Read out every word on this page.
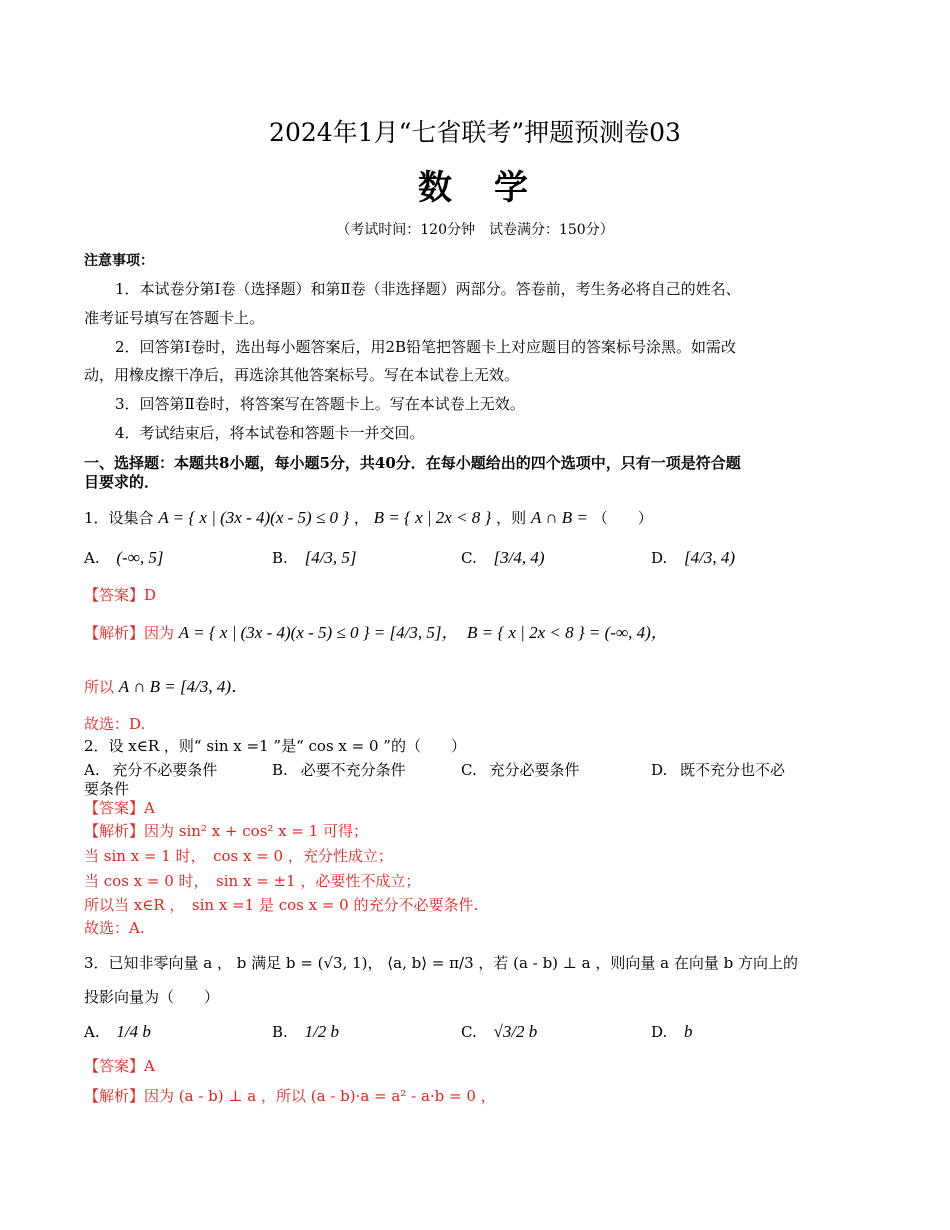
2024年1月“七省联考”押题预测卷03
数　学
（考试时间：120分钟　试卷满分：150分）
注意事项：
1．本试卷分第Ⅰ卷（选择题）和第Ⅱ卷（非选择题）两部分。答卷前，考生务必将自己的姓名、
准考证号填写在答题卡上。
2．回答第Ⅰ卷时，选出每小题答案后，用2B铅笔把答题卡上对应题目的答案标号涂黑。如需改
动，用橡皮擦干净后，再选涂其他答案标号。写在本试卷上无效。
3．回答第Ⅱ卷时，将答案写在答题卡上。写在本试卷上无效。
4．考试结束后，将本试卷和答题卡一并交回。
一、选择题：本题共8小题，每小题5分，共40分．在每小题给出的四个选项中，只有一项是符合题
目要求的．
1．设集合 A = { x | (3x - 4)(x - 5) ≤ 0 } ， B = { x | 2x < 8 } ，则 A ∩ B = （　　）
A. (-∞, 5]	B. [4/3, 5]	C. [3/4, 4)	D. [4/3, 4)
【答案】D
【解析】因为 A = { x | (3x - 4)(x - 5) ≤ 0 } = [4/3, 5]，　B = { x | 2x < 8 } = (-∞, 4)，
所以 A ∩ B = [4/3, 4)．
故选：D.
2．设 x∈R ，则“ sin x =1 ”是“ cos x = 0 ”的（　　）
A. 充分不必要条件	B. 必要不充分条件	C. 充分必要条件	D. 既不充分也不必
要条件
【答案】A
【解析】因为 sin² x + cos² x = 1 可得；
当 sin x = 1 时，　cos x = 0 ，充分性成立；
当 cos x = 0 时，　sin x = ±1 ，必要性不成立；
所以当 x∈R ，　sin x =1 是 cos x = 0 的充分不必要条件.
故选：A.
3．已知非零向量 a ， b 满足 b = (√3, 1)， ⟨a, b⟩ = π/3 ，若 (a - b) ⊥ a ，则向量 a 在向量 b 方向上的
投影向量为（　　）
A. 1/4 b	B. 1/2 b	C. √3/2 b	D. b
【答案】A
【解析】因为 (a - b) ⊥ a ，所以 (a - b)·a = a² - a·b = 0 ，
